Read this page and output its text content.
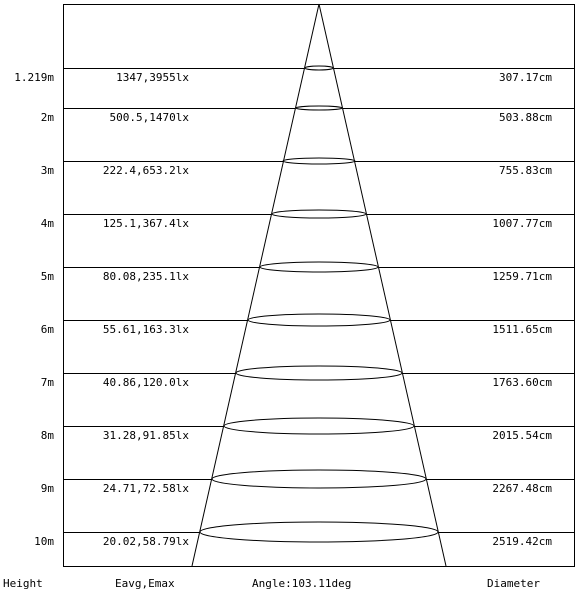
1.219m	1347,3955lx	307.17cm
2m	500.5,1470lx	503.88cm
3m	222.4,653.2lx	755.83cm
4m	125.1,367.4lx	1007.77cm
5m	80.08,235.1lx	1259.71cm
6m	55.61,163.3lx	1511.65cm
7m	40.86,120.0lx	1763.60cm
8m	31.28,91.85lx	2015.54cm
9m	24.71,72.58lx	2267.48cm
10m	20.02,58.79lx	2519.42cm
Height	Eavg,Emax	Angle:103.11deg	Diameter
